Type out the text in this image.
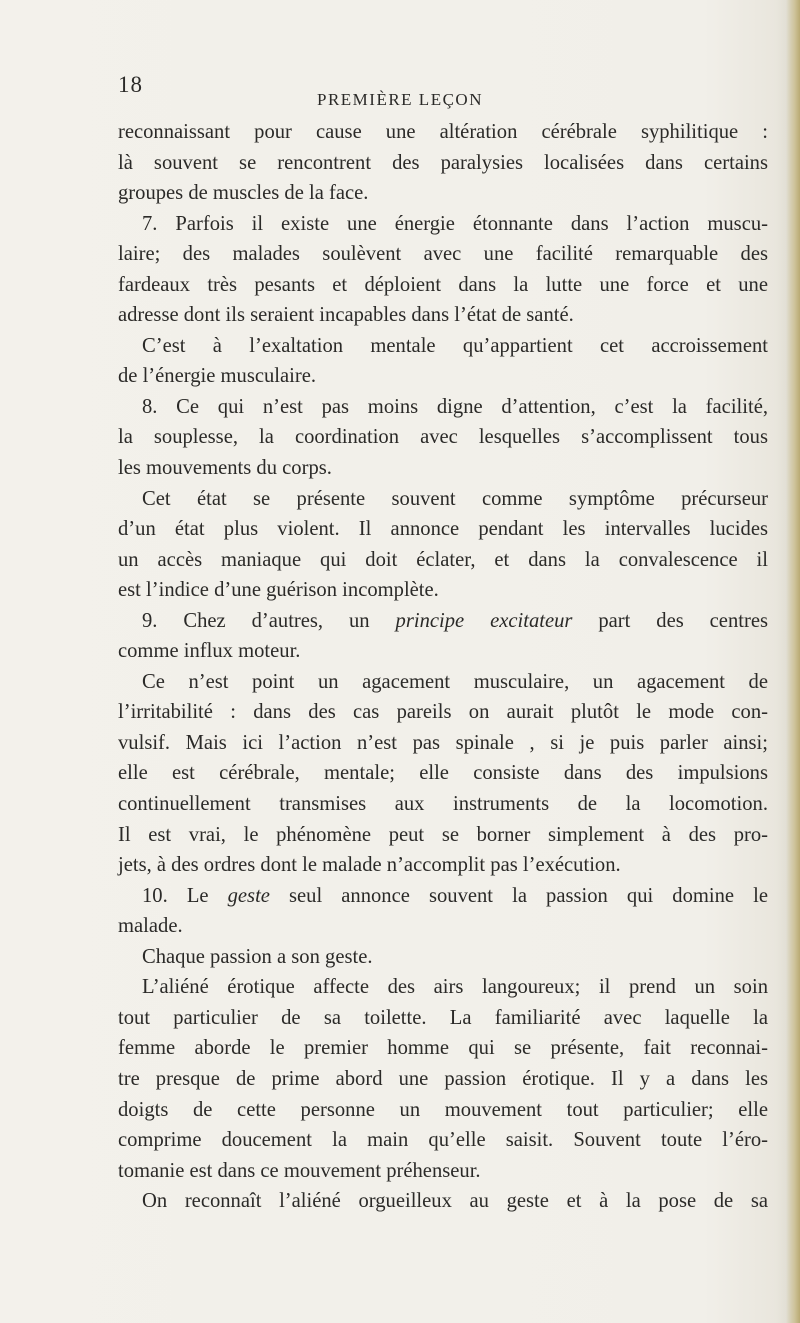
18
PREMIÈRE LEÇON
reconnaissant pour cause une altération cérébrale syphilitique :
là souvent se rencontrent des paralysies localisées dans certains
groupes de muscles de la face.
7. Parfois il existe une énergie étonnante dans l’action muscu-
laire; des malades soulèvent avec une facilité remarquable des
fardeaux très pesants et déploient dans la lutte une force et une
adresse dont ils seraient incapables dans l’état de santé.
C’est à l’exaltation mentale qu’appartient cet accroissement
de l’énergie musculaire.
8. Ce qui n’est pas moins digne d’attention, c’est la facilité,
la souplesse, la coordination avec lesquelles s’accomplissent tous
les mouvements du corps.
Cet état se présente souvent comme symptôme précurseur
d’un état plus violent. Il annonce pendant les intervalles lucides
un accès maniaque qui doit éclater, et dans la convalescence il
est l’indice d’une guérison incomplète.
9. Chez d’autres, un principe excitateur part des centres
comme influx moteur.
Ce n’est point un agacement musculaire, un agacement de
l’irritabilité : dans des cas pareils on aurait plutôt le mode con-
vulsif. Mais ici l’action n’est pas spinale , si je puis parler ainsi;
elle est cérébrale, mentale; elle consiste dans des impulsions
continuellement transmises aux instruments de la locomotion.
Il est vrai, le phénomène peut se borner simplement à des pro-
jets, à des ordres dont le malade n’accomplit pas l’exécution.
10. Le geste seul annonce souvent la passion qui domine le
malade.
Chaque passion a son geste.
L’aliéné érotique affecte des airs langoureux; il prend un soin
tout particulier de sa toilette. La familiarité avec laquelle la
femme aborde le premier homme qui se présente, fait reconnai-
tre presque de prime abord une passion érotique. Il y a dans les
doigts de cette personne un mouvement tout particulier; elle
comprime doucement la main qu’elle saisit. Souvent toute l’éro-
tomanie est dans ce mouvement préhenseur.
On reconnaît l’aliéné orgueilleux au geste et à la pose de sa
